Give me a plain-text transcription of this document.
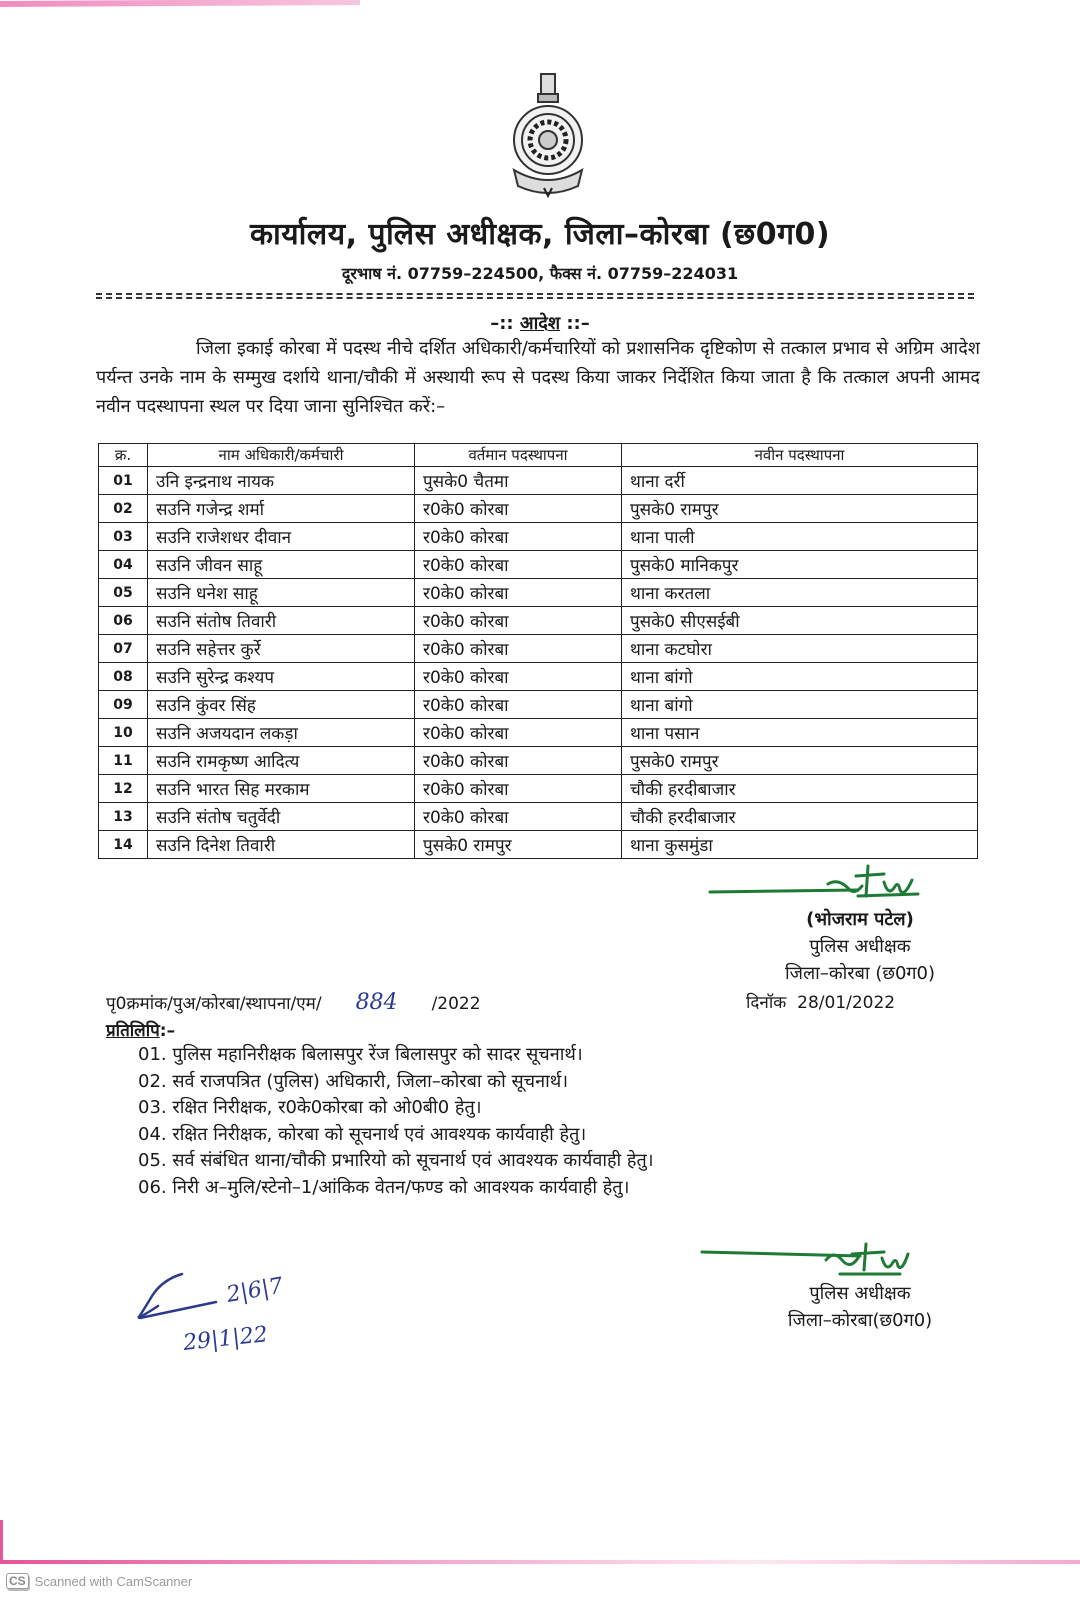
कार्यालय, पुलिस अधीक्षक, जिला–कोरबा (छ0ग0)
दूरभाष नं. 07759–224500, फैक्स नं. 07759–224031
–:: आदेश ::–
जिला इकाई कोरबा में पदस्थ नीचे दर्शित अधिकारी/कर्मचारियों को प्रशासनिक दृष्टिकोण से तत्काल प्रभाव से अग्रिम आदेश पर्यन्त उनके नाम के सम्मुख दर्शाये थाना/चौकी में अस्थायी रूप से पदस्थ किया जाकर निर्देशित किया जाता है कि तत्काल अपनी आमद नवीन पदस्थापना स्थल पर दिया जाना सुनिश्चित करें:–
क्र.	नाम अधिकारी/कर्मचारी	वर्तमान पदस्थापना	नवीन पदस्थापना
01	उनि इन्द्रनाथ नायक	पुसके0 चैतमा	थाना दर्री
02	सउनि गजेन्द्र शर्मा	र0के0 कोरबा	पुसके0 रामपुर
03	सउनि राजेशधर दीवान	र0के0 कोरबा	थाना पाली
04	सउनि जीवन साहू	र0के0 कोरबा	पुसके0 मानिकपुर
05	सउनि धनेश साहू	र0के0 कोरबा	थाना करतला
06	सउनि संतोष तिवारी	र0के0 कोरबा	पुसके0 सीएसईबी
07	सउनि सहेत्तर कुर्रे	र0के0 कोरबा	थाना कटघोरा
08	सउनि सुरेन्द्र कश्यप	र0के0 कोरबा	थाना बांगो
09	सउनि कुंवर सिंह	र0के0 कोरबा	थाना बांगो
10	सउनि अजयदान लकड़ा	र0के0 कोरबा	थाना पसान
11	सउनि रामकृष्ण आदित्य	र0के0 कोरबा	पुसके0 रामपुर
12	सउनि भारत सिह मरकाम	र0के0 कोरबा	चौकी हरदीबाजार
13	सउनि संतोष चतुर्वेदी	र0के0 कोरबा	चौकी हरदीबाजार
14	सउनि दिनेश तिवारी	पुसके0 रामपुर	थाना कुसमुंडा
(भोजराम पटेल)
पुलिस अधीक्षक
जिला–कोरबा (छ0ग0)
पृ0क्रमांक/पुअ/कोरबा/स्थापना/एम/ 884 /2022	दिनॉक 28/01/2022
प्रतिलिपि:–
01. पुलिस महानिरीक्षक बिलासपुर रेंज बिलासपुर को सादर सूचनार्थ।
02. सर्व राजपत्रित (पुलिस) अधिकारी, जिला–कोरबा को सूचनार्थ।
03. रक्षित निरीक्षक, र0के0कोरबा को ओ0बी0 हेतु।
04. रक्षित निरीक्षक, कोरबा को सूचनार्थ एवं आवश्यक कार्यवाही हेतु।
05. सर्व संबंधित थाना/चौकी प्रभारियो को सूचनार्थ एवं आवश्यक कार्यवाही हेतु।
06. निरी अ–मुलि/स्टेनो–1/आंकिक वेतन/फण्ड को आवश्यक कार्यवाही हेतु।
2|6|7
29|1|22
पुलिस अधीक्षक
जिला–कोरबा(छ0ग0)
CS Scanned with CamScanner
